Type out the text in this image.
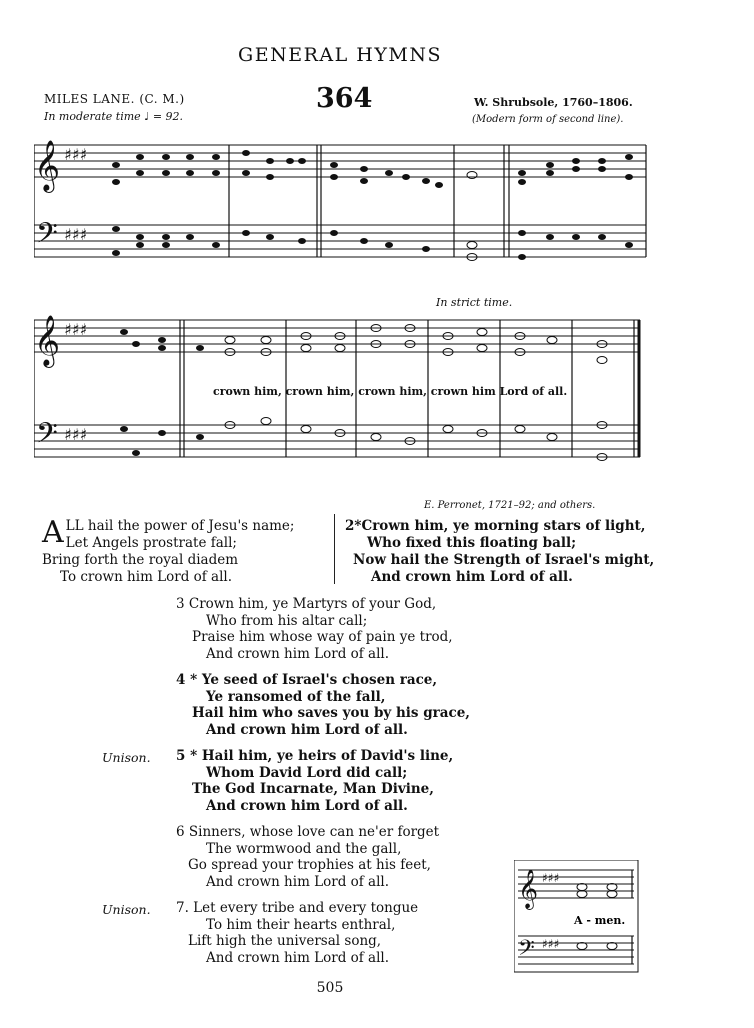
GENERAL HYMNS
364
MILES LANE. (C. M.)
In moderate time ♩ = 92.
W. Shrubsole, 1760–1806.
(Modern form of second line).
𝄞 ♯♯♯
𝄢 ♯♯♯
𝄞 ♯♯♯
𝄢 ♯♯♯
In strict time.
crown him, crown him, crown him, crown him Lord of all.
E. Perronet, 1721–92; and others.
ALL hail the power of Jesu's name;
Let Angels prostrate fall;
Bring forth the royal diadem
To crown him Lord of all.
2*Crown him, ye morning stars of light,
Who fixed this floating ball;
Now hail the Strength of Israel's might,
And crown him Lord of all.
3 Crown him, ye Martyrs of your God,
Who from his altar call;
Praise him whose way of pain ye trod,
And crown him Lord of all.
4 * Ye seed of Israel's chosen race,
Ye ransomed of the fall,
Hail him who saves you by his grace,
And crown him Lord of all.
Unison. 5 * Hail him, ye heirs of David's line,
Whom David Lord did call;
The God Incarnate, Man Divine,
And crown him Lord of all.
6 Sinners, whose love can ne'er forget
The wormwood and the gall,
Go spread your trophies at his feet,
And crown him Lord of all.
Unison. 7. Let every tribe and every tongue
To him their hearts enthral,
Lift high the universal song,
And crown him Lord of all.
𝄞 ♯♯♯
A - men.
𝄢 ♯♯♯
505
